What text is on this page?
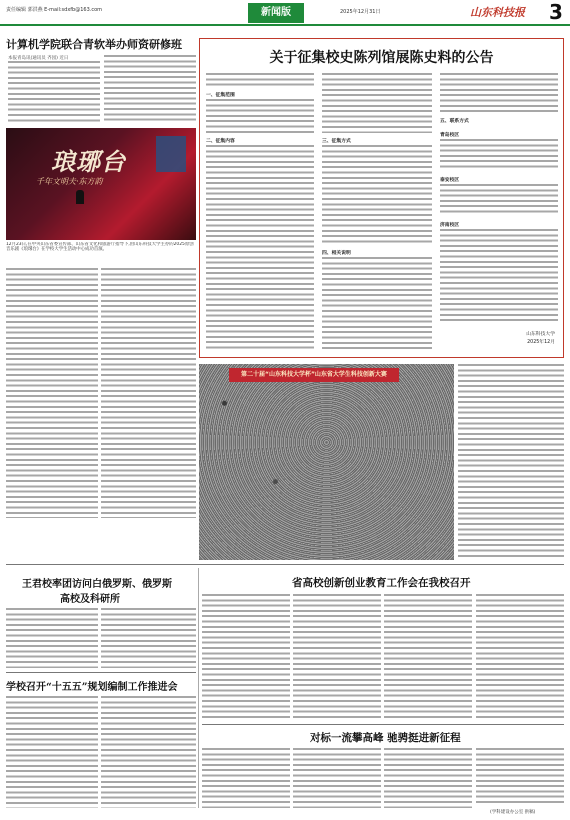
责任编辑 郭洪燕 E-mail:sdxfb@163.com	新闻版	2025年12月31日	山东科技报 3
计算机学院联合青软举办师资研修班
本报青岛讯(通讯员 齐园) 近日
琅琊台
千年文明夫·东方韵
12月23日,在中央山东省委宣传部、山东省文化和旅游厅指导下,由山东科技大学主办的2025原创音乐剧《琅琊台》在学校大学生活动中心成功首演。
关于征集校史陈列馆展陈史料的公告
一、征集范围
二、征集内容	三、征集方式
四、相关说明
五、联系方式
青岛校区
泰安校区
济南校区
山东科技大学
2025年12月
第二十届“山东科技大学杯”山东省大学生科技创新大赛
王君校率团访问白俄罗斯、俄罗斯
高校及科研所
学校召开“十五五”规划编制工作推进会
省高校创新创业教育工作会在我校召开
对标一流攀高峰 驰骋挺进新征程
(学科建设办公室 供稿)
